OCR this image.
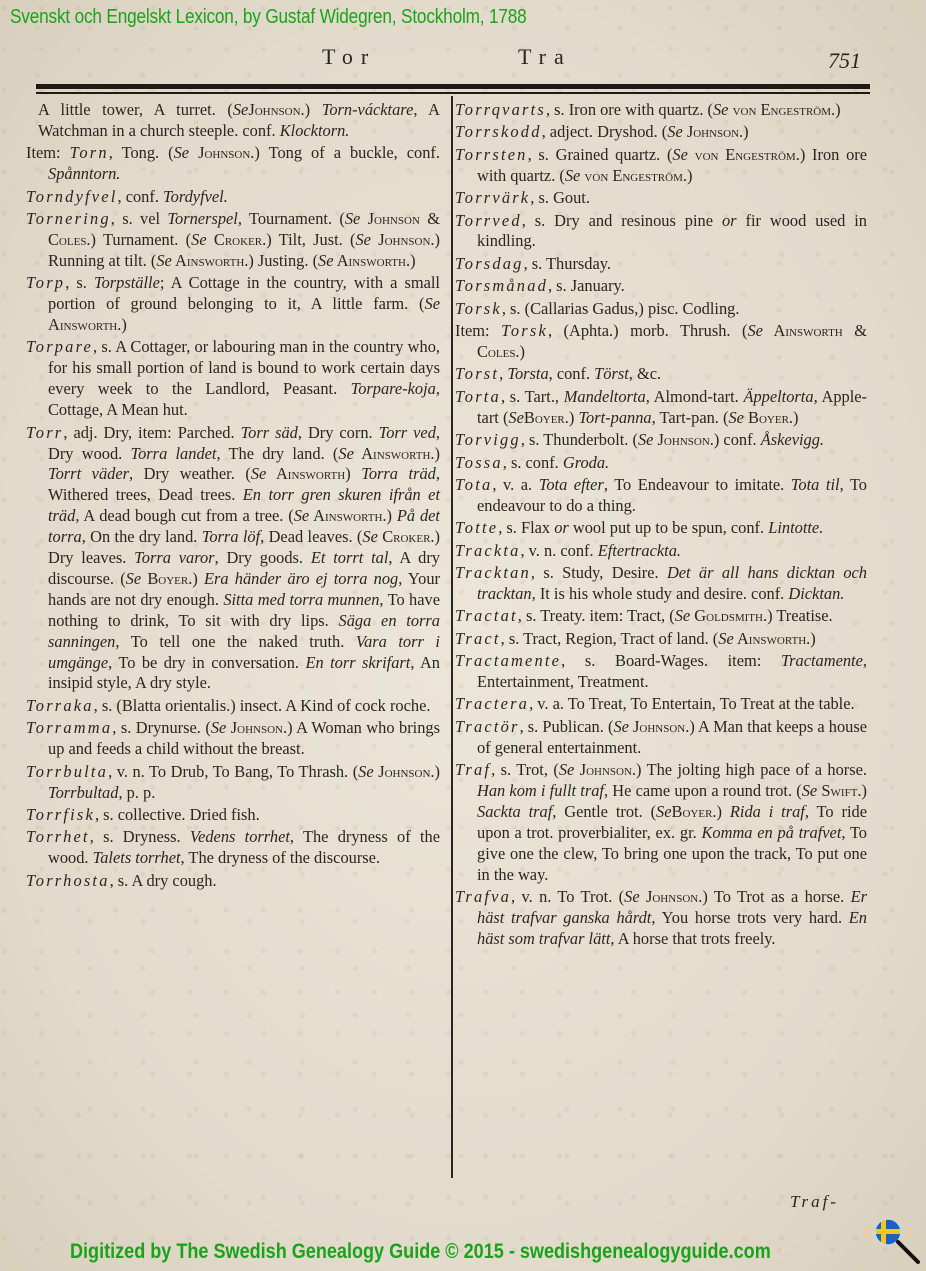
Svenskt och Engelskt Lexicon, by Gustaf Widegren, Stockholm, 1788
Tor	Tra	751

A little tower, A turret. (SeJohnson.) Torn-vácktare, A Watchman in a church steeple. conf. Klocktorn.

Item: Torn, Tong. (Se Johnson.) Tong of a buckle, conf. Spånntorn.

Torndyfvel, conf. Tordyfvel.

Tornering, s. vel Tornerspel, Tournament. (Se Johnson & Coles.) Turnament. (Se Croker.) Tilt, Just. (Se Johnson.) Running at tilt. (Se Ainsworth.) Justing. (Se Ainsworth.)

Torp, s. Torpställe; A Cottage in the country, with a small portion of ground belonging to it, A little farm. (Se Ainsworth.)

Torpare, s. A Cottager, or labouring man in the country who, for his small portion of land is bound to work certain days every week to the Landlord, Peasant. Torpare-koja, Cottage, A Mean hut.

Torr, adj. Dry, item: Parched. Torr säd, Dry corn. Torr ved, Dry wood. Torra landet, The dry land. (Se Ainsworth.) Torrt väder, Dry weather. (Se Ainsworth) Torra träd, Withered trees, Dead trees. En torr gren skuren ifrån et träd, A dead bough cut from a tree. (Se Ainsworth.) På det torra, On the dry land. Torra löf, Dead leaves. (Se Croker.) Dry leaves. Torra varor, Dry goods. Et torrt tal, A dry discourse. (Se Boyer.) Era händer äro ej torra nog, Your hands are not dry enough. Sitta med torra munnen, To have nothing to drink, To sit with dry lips. Säga en torra sanningen, To tell one the naked truth. Vara torr i umgänge, To be dry in conversation. En torr skrifart, An insipid style, A dry style.

Torraka, s. (Blatta orientalis.) insect. A Kind of cock roche.

Torramma, s. Drynurse. (Se Johnson.) A Woman who brings up and feeds a child without the breast.

Torrbulta, v. n. To Drub, To Bang, To Thrash. (Se Johnson.) Torrbultad, p. p.

Torrfisk, s. collective. Dried fish.

Torrhet, s. Dryness. Vedens torrhet, The dryness of the wood. Talets torrhet, The dryness of the discourse.

Torrhosta, s. A dry cough.

Torrqvarts, s. Iron ore with quartz. (Se von Engeström.)

Torrskodd, adject. Dryshod. (Se Johnson.)

Torrsten, s. Grained quartz. (Se von Engeström.) Iron ore with quartz. (Se von Engeström.)

Torrvärk, s. Gout.

Torrved, s. Dry and resinous pine or fir wood used in kindling.

Torsdag, s. Thursday.

Torsmånad, s. January.

Torsk, s. (Callarias Gadus,) pisc. Codling.

Item: Torsk, (Aphta.) morb. Thrush. (Se Ainsworth & Coles.)

Torst, Torsta, conf. Törst, &c.

Torta, s. Tart., Mandeltorta, Almond-tart. Äppeltorta, Apple-tart (SeBoyer.) Tort-panna, Tart-pan. (Se Boyer.)

Torvigg, s. Thunderbolt. (Se Johnson.) conf. Åskevigg.

Tossa, s. conf. Groda.

Tota, v. a. Tota efter, To Endeavour to imitate. Tota til, To endeavour to do a thing.

Totte, s. Flax or wool put up to be spun, conf. Lintotte.

Trackta, v. n. conf. Eftertrackta.

Tracktan, s. Study, Desire. Det är all hans dicktan och tracktan, It is his whole study and desire. conf. Dicktan.

Tractat, s. Treaty. item: Tract, (Se Goldsmith.) Treatise.

Tract, s. Tract, Region, Tract of land. (Se Ainsworth.)

Tractamente, s. Board-Wages. item: Tractamente, Entertainment, Treatment.

Tractera, v. a. To Treat, To Entertain, To Treat at the table.

Tractör, s. Publican. (Se Johnson.) A Man that keeps a house of general entertainment.

Traf, s. Trot, (Se Johnson.) The jolting high pace of a horse. Han kom i fullt traf, He came upon a round trot. (Se Swift.) Sackta traf, Gentle trot. (SeBoyer.) Rida i traf, To ride upon a trot. proverbialiter, ex. gr. Komma en på trafvet, To give one the clew, To bring one upon the track, To put one in the way.

Trafva, v. n. To Trot. (Se Johnson.) To Trot as a horse. Er häst trafvar ganska hårdt, You horse trots very hard. En häst som trafvar lätt, A horse that trots freely.

Traf-
Digitized by The Swedish Genealogy Guide © 2015 - swedishgenealogyguide.com
